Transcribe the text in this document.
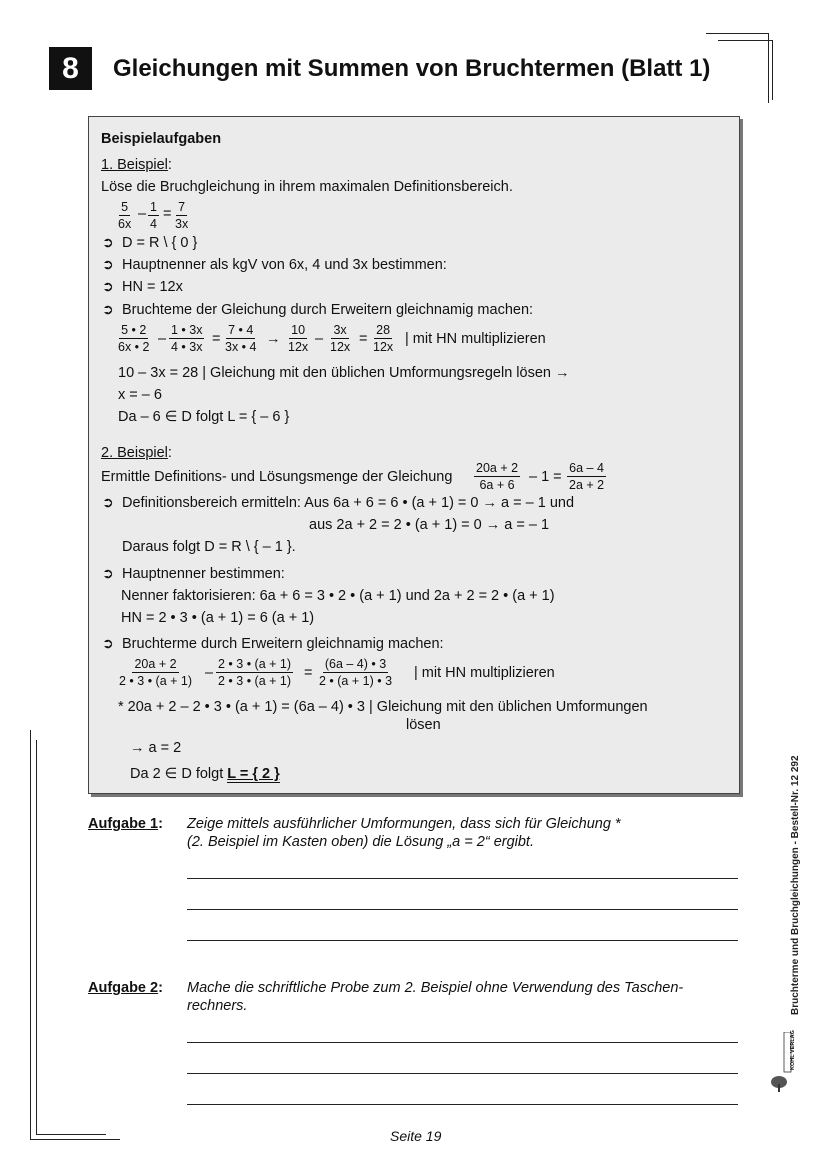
8	Gleichungen mit Summen von Bruchtermen (Blatt 1)
Beispielaufgaben
1. Beispiel:
Löse die Bruchgleichung in ihrem maximalen Definitionsbereich.
$\frac{5}{6x} - \frac{1}{4} = \frac{7}{3x}$
➲ D = R \ { 0 }
➲ Hauptnenner als kgV von 6x, 4 und 3x bestimmen:
➲ HN = 12x
➲ Bruchteme der Gleichung durch Erweitern gleichnamig machen:
$\frac{5 • 2}{6x • 2} - \frac{1 • 3x}{4 • 3x} = \frac{7 • 4}{3x • 4} \to \frac{10}{12x} - \frac{3x}{12x} = \frac{28}{12x}$ | mit HN multiplizieren
10 – 3x = 28 | Gleichung mit den üblichen Umformungsregeln lösen →
x = – 6
Da – 6 ∈ D folgt L = { – 6 }
2. Beispiel:
Ermittle Definitions- und Lösungsmenge der Gleichung $\frac{20a + 2}{6a + 6} - 1 = \frac{6a - 4}{2a + 2}$
➲ Definitionsbereich ermitteln: Aus 6a + 6 = 6 • (a + 1) = 0 → a = – 1 und
aus 2a + 2 = 2 • (a + 1) = 0 → a = – 1
Daraus folgt D = R \ { – 1 }.
➲ Hauptnenner bestimmen:
Nenner faktorisieren: 6a + 6 = 3 • 2 • (a + 1) und 2a + 2 = 2 • (a + 1)
HN = 2 • 3 • (a + 1) = 6 (a + 1)
➲ Bruchterme durch Erweitern gleichnamig machen:
$\frac{20a + 2}{2 • 3 • (a + 1)} - \frac{2 • 3 • (a + 1)}{2 • 3 • (a + 1)} = \frac{(6a - 4) • 3}{2 • (a + 1) • 3}$ | mit HN multiplizieren
* 20a + 2 – 2 • 3 • (a + 1) = (6a – 4) • 3 | Gleichung mit den üblichen Umformungen
lösen
→ a = 2
Da 2 ∈ D folgt L = { 2 }
Aufgabe 1: Zeige mittels ausführlicher Umformungen, dass sich für Gleichung *
(2. Beispiel im Kasten oben) die Lösung „a = 2“ ergibt.
Aufgabe 2: Mache die schriftliche Probe zum 2. Beispiel ohne Verwendung des Taschen-
rechners.	Bruchterme und Bruchgleichungen - Bestell-Nr. 12 292
KOHL VERLAG
Seite 19
